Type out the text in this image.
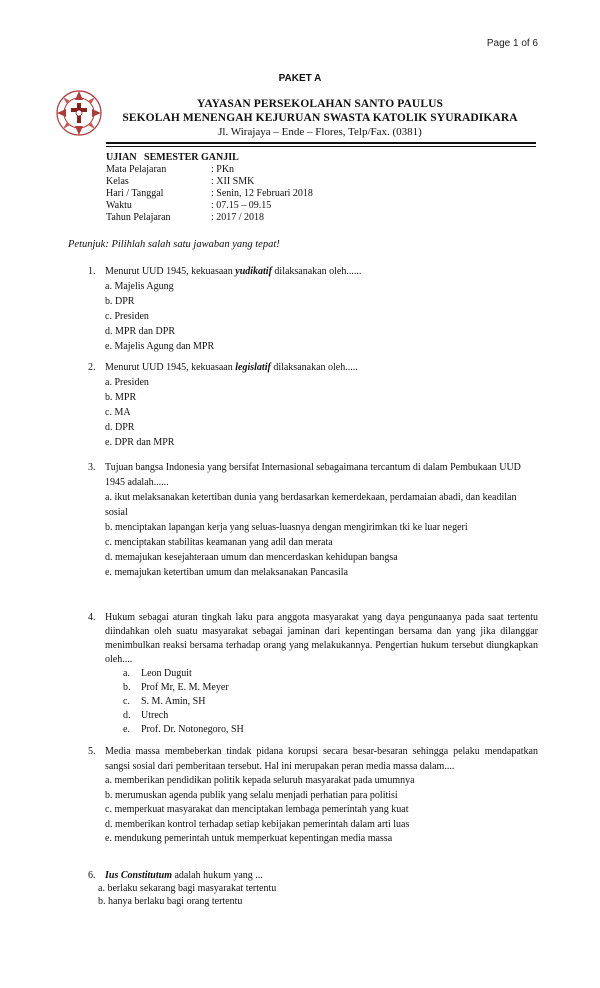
Page 1 of 6
PAKET A
YAYASAN PERSEKOLAHAN SANTO PAULUS
SEKOLAH MENENGAH KEJURUAN SWASTA KATOLIK SYURADIKARA
Jl. Wirajaya – Ende – Flores, Telp/Fax. (0381)
UJIAN   SEMESTER GANJIL
Mata Pelajaran	: PKn
Kelas	: XII SMK
Hari / Tanggal	: Senin, 12 Februari 2018
Waktu	: 07.15 – 09.15
Tahun Pelajaran	: 2017 / 2018
Petunjuk: Pilihlah salah satu jawaban yang tepat!
1. Menurut UUD 1945, kekuasaan yudikatif dilaksanakan oleh......
a. Majelis Agung
b. DPR
c. Presiden
d. MPR dan DPR
e. Majelis Agung dan MPR
2. Menurut UUD 1945, kekuasaan legislatif dilaksanakan oleh.....
a. Presiden
b. MPR
c. MA
d. DPR
e. DPR dan MPR
3. Tujuan bangsa Indonesia yang bersifat Internasional sebagaimana tercantum di dalam Pembukaan UUD 1945 adalah......
a. ikut melaksanakan ketertiban dunia yang berdasarkan kemerdekaan, perdamaian abadi, dan keadilan sosial
b. menciptakan lapangan kerja yang seluas-luasnya dengan mengirimkan tki ke luar negeri
c. menciptakan stabilitas keamanan yang adil dan merata
d. memajukan kesejahteraan umum dan mencerdaskan kehidupan bangsa
e. memajukan ketertiban umum dan melaksanakan Pancasila
4. Hukum sebagai aturan tingkah laku para anggota masyarakat yang daya pengunaanya pada saat tertentu diindahkan oleh suatu masyarakat sebagai jaminan dari kepentingan bersama dan yang jika dilanggar menimbulkan reaksi bersama terhadap orang yang melakukannya. Pengertian hukum tersebut diungkapkan oleh....
a.	Leon Duguit
b.	Prof Mr, E. M. Meyer
c.	S. M. Amin, SH
d.	Utrech
e.	Prof. Dr. Notonegoro, SH
5. Media massa membeberkan tindak pidana korupsi secara besar-besaran sehingga pelaku mendapatkan sangsi sosial dari pemberitaan tersebut. Hal ini merupakan peran media massa dalam....
a. memberikan pendidikan politik kepada seluruh masyarakat pada umumnya
b. merumuskan agenda publik yang selalu menjadi perhatian para politisi
c. memperkuat masyarakat dan menciptakan lembaga pemerintah yang kuat
d. memberikan kontrol terhadap setiap kebijakan pemerintah dalam arti luas
e. mendukung pemerintah untuk memperkuat kepentingan media massa
6. Ius Constitutum adalah hukum yang ...
a. berlaku sekarang bagi masyarakat tertentu
b. hanya berlaku bagi orang tertentu
